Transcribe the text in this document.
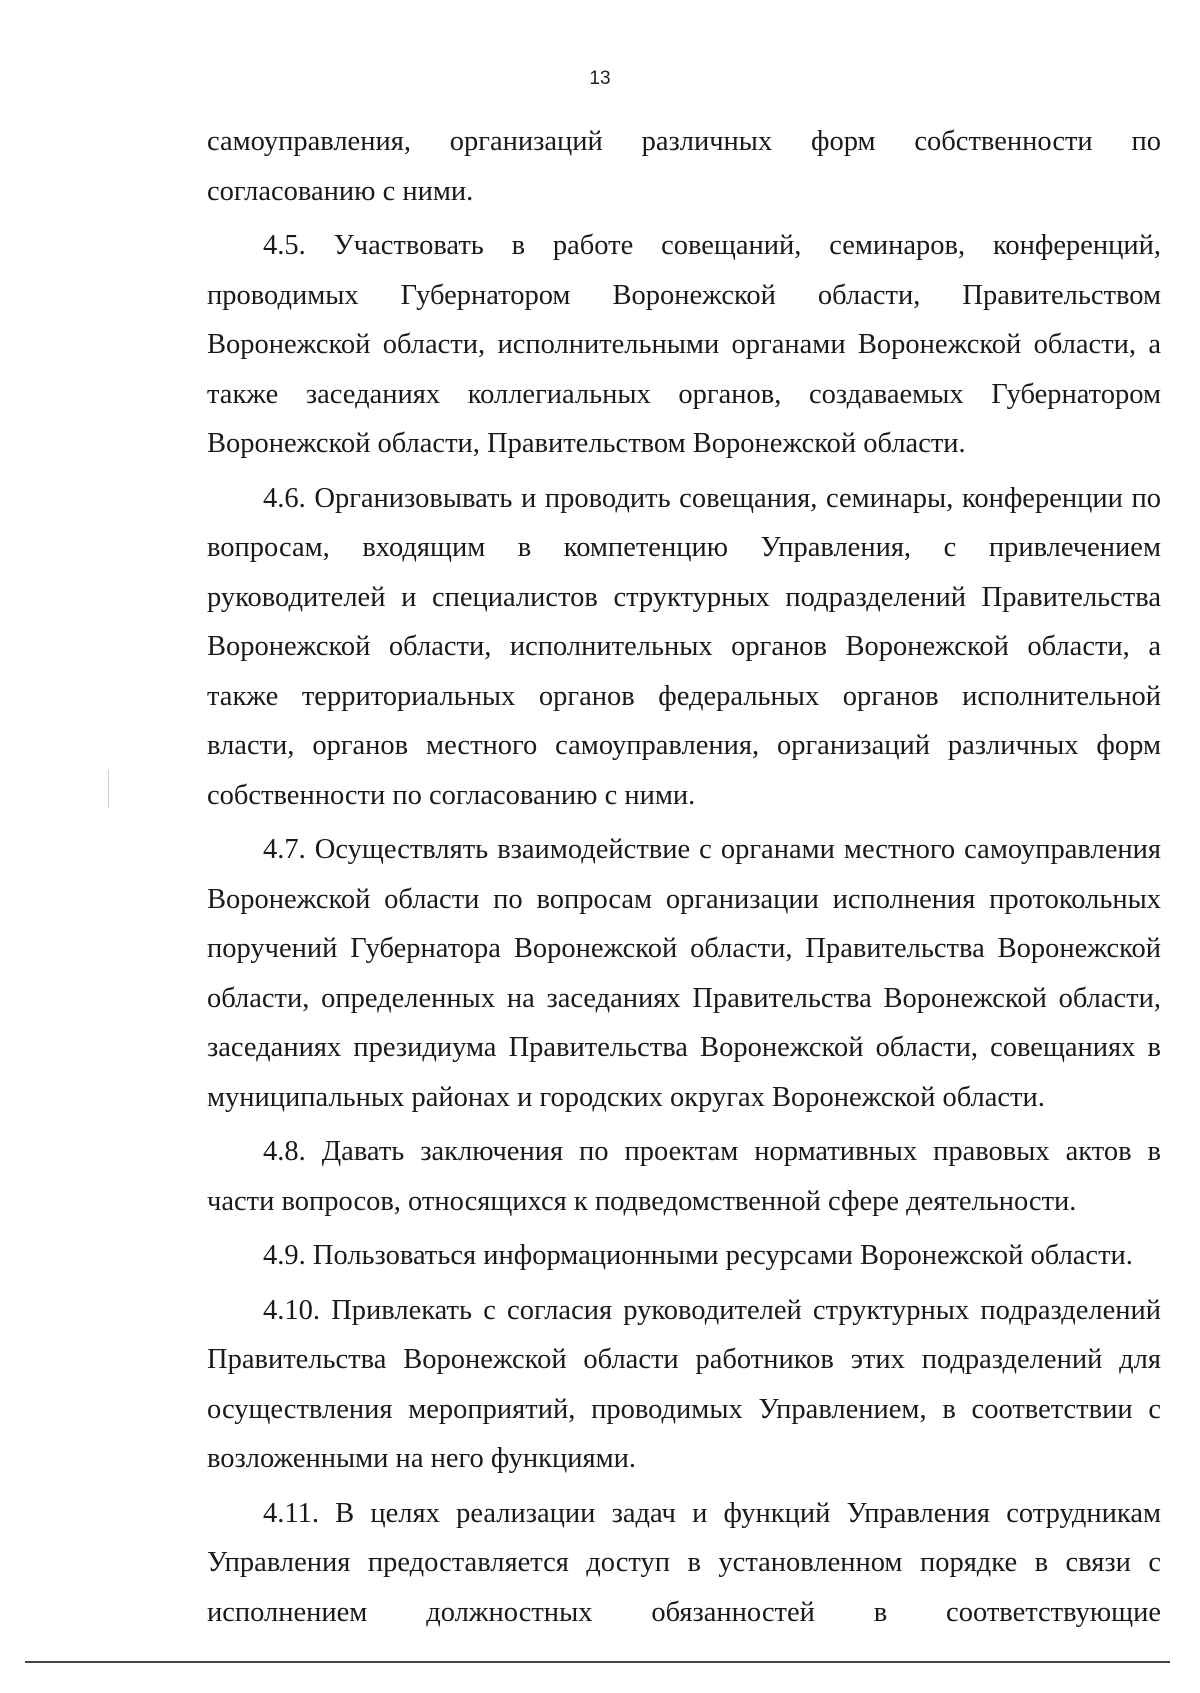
13

самоуправления, организаций различных форм собственности по согласованию с ними.

4.5. Участвовать в работе совещаний, семинаров, конференций, проводимых Губернатором Воронежской области, Правительством Воронежской области, исполнительными органами Воронежской области, а также заседаниях коллегиальных органов, создаваемых Губернатором Воронежской области, Правительством Воронежской области.

4.6. Организовывать и проводить совещания, семинары, конференции по вопросам, входящим в компетенцию Управления, с привлечением руководителей и специалистов структурных подразделений Правительства Воронежской области, исполнительных органов Воронежской области, а также территориальных органов федеральных органов исполнительной власти, органов местного самоуправления, организаций различных форм собственности по согласованию с ними.

4.7. Осуществлять взаимодействие с органами местного самоуправления Воронежской области по вопросам организации исполнения протокольных поручений Губернатора Воронежской области, Правительства Воронежской области, определенных на заседаниях Правительства Воронежской области, заседаниях президиума Правительства Воронежской области, совещаниях в муниципальных районах и городских округах Воронежской области.

4.8. Давать заключения по проектам нормативных правовых актов в части вопросов, относящихся к подведомственной сфере деятельности.

4.9. Пользоваться информационными ресурсами Воронежской области.

4.10. Привлекать с согласия руководителей структурных подразделений Правительства Воронежской области работников этих подразделений для осуществления мероприятий, проводимых Управлением, в соответствии с возложенными на него функциями.

4.11. В целях реализации задач и функций Управления сотрудникам Управления предоставляется доступ в установленном порядке в связи с исполнением должностных обязанностей в соответствующие
